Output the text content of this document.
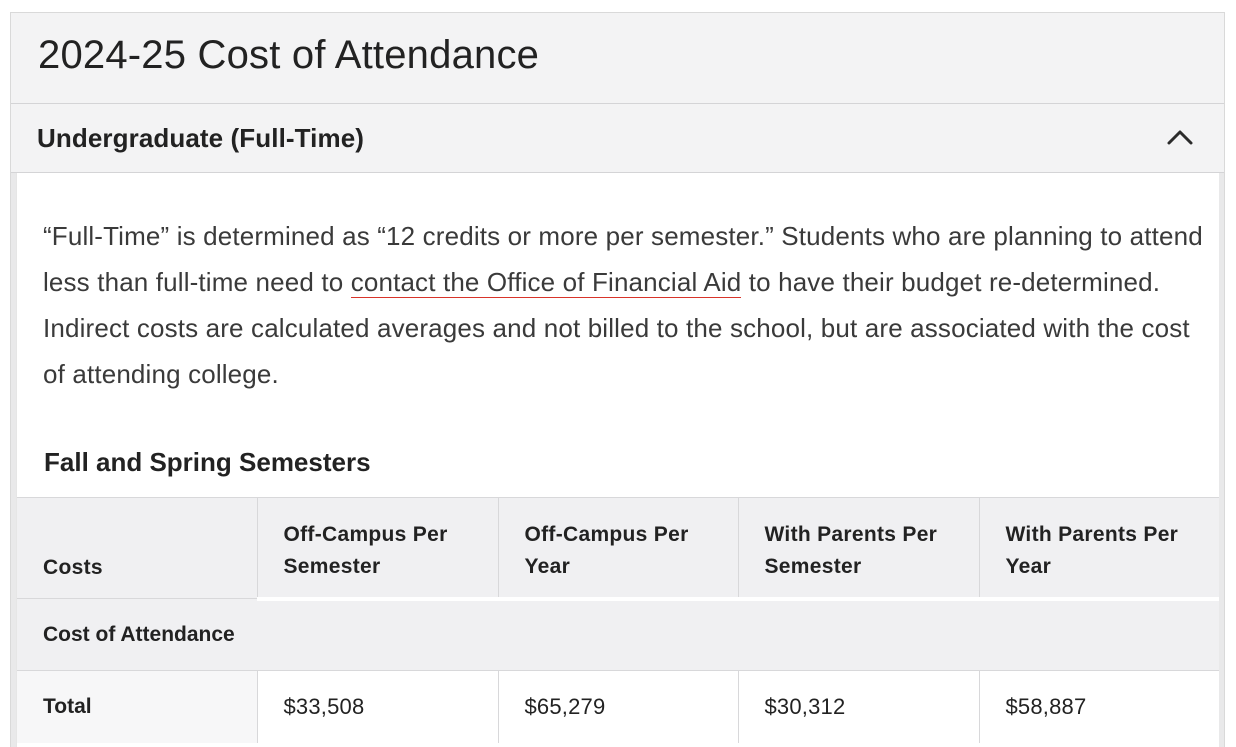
2024-25 Cost of Attendance
Undergraduate (Full-Time)

“Full-Time” is determined as “12 credits or more per semester.” Students who are planning to attend less than full-time need to contact the Office of Financial Aid to have their budget re-determined. Indirect costs are calculated averages and not billed to the school, but are associated with the cost of attending college.

Fall and Spring Semesters
Costs	Off-Campus Per Semester	Off-Campus Per Year	With Parents Per Semester	With Parents Per Year
Cost of Attendance				
Total	$33,508	$65,279	$30,312	$58,887
